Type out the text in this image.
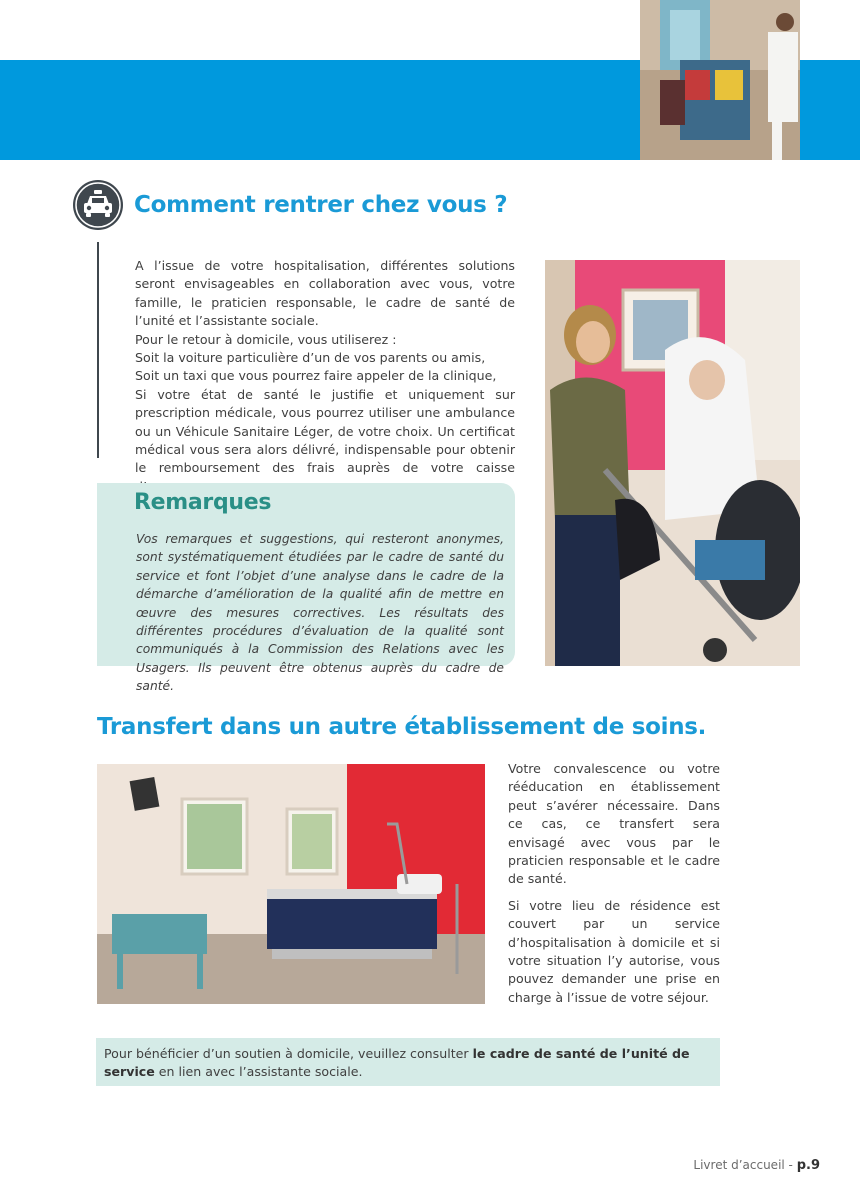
Comment rentrer chez vous ?

A l’issue de votre hospitalisation, différentes solutions seront envisageables en collaboration avec vous, votre famille, le praticien responsable, le cadre de santé de l’unité et l’assistante sociale.

Pour le retour à domicile, vous utiliserez :

Soit la voiture particulière d’un de vos parents ou amis,

Soit un taxi que vous pourrez faire appeler de la clinique,

Si votre état de santé le justifie et uniquement sur prescription médicale, vous pourrez utiliser une ambulance ou un Véhicule Sanitaire Léger, de votre choix. Un certificat médical vous sera alors délivré, indispensable pour obtenir le remboursement des frais auprès de votre caisse

Remarques
Vos remarques et suggestions, qui resteront anonymes, sont systématiquement étudiées par le cadre de santé du service et font l’objet d’une analyse dans le cadre de la démarche d’amélioration de la qualité afin de mettre en œuvre des mesures correctives. Les résultats des différentes procédures d’évaluation de la qualité sont communiqués à la Commission des Relations avec les Usagers. Ils peuvent être obtenus auprès du cadre de santé.
Transfert dans un autre établissement de soins.

Votre convalescence ou votre rééducation en établissement peut s’avérer nécessaire. Dans ce cas, ce transfert sera envisagé avec vous par le praticien responsable et le cadre de santé.

Si votre lieu de résidence est couvert par un service d’hospitalisation à domicile et si votre situation l’y autorise, vous pouvez demander une prise en charge à l’issue de votre séjour.

Pour bénéficier d’un soutien à domicile, veuillez consulter le cadre de santé de l’unité de service en lien avec l’assistante sociale.
Livret d’accueil - p.9
